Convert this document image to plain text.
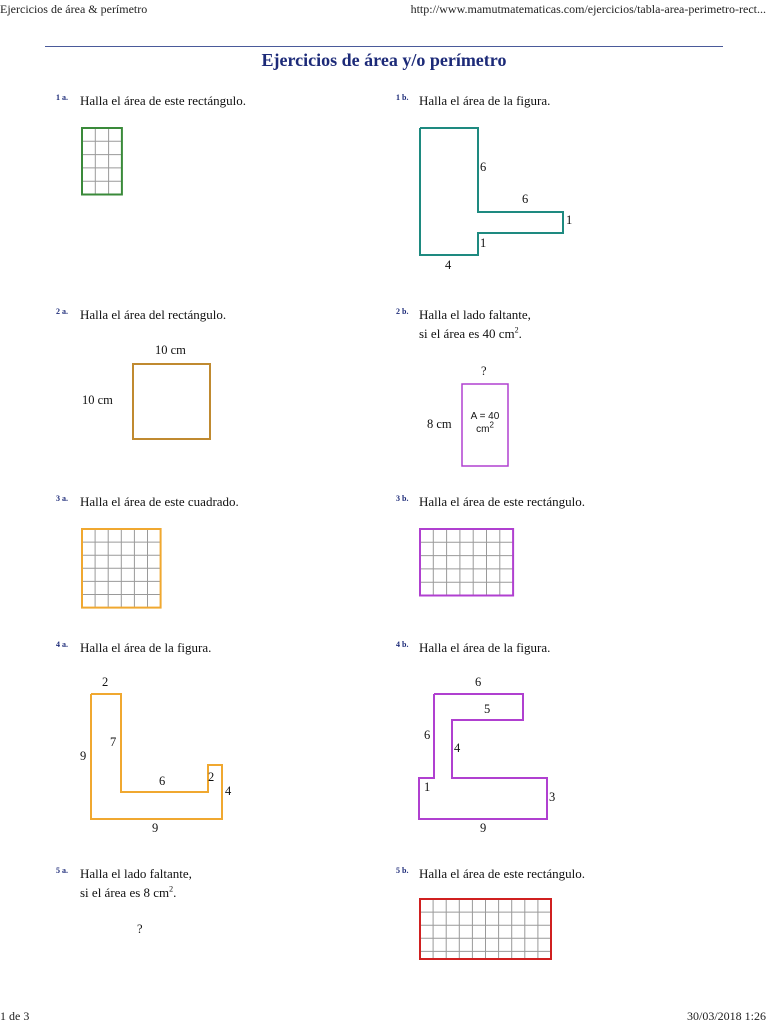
Ejercicios de área & perímetro	http://www.mamutmatematicas.com/ejercicios/tabla-area-perimetro-rect...
Ejercicios de área y/o perímetro
1 a. Halla el área de este rectángulo.	1 b. Halla el área de la figura.
6
6
1
1
4
2 a. Halla el área del rectángulo.
10 cm
10 cm
2 b. Halla el lado faltante,
si el área es 40 $cm^2$.
?
8 cm
A = 40
$cm^2$
3 a. Halla el área de este cuadrado.	3 b. Halla el área de este rectángulo.
4 a. Halla el área de la figura.
2
9
7
6	2
4
9
4 b. Halla el área de la figura.
6
5
6
4
1
3
9
5 a. Halla el lado faltante,
si el área es 8 $cm^2$.
?
5 b. Halla el área de este rectángulo.
1 de 3	30/03/2018 1:26
